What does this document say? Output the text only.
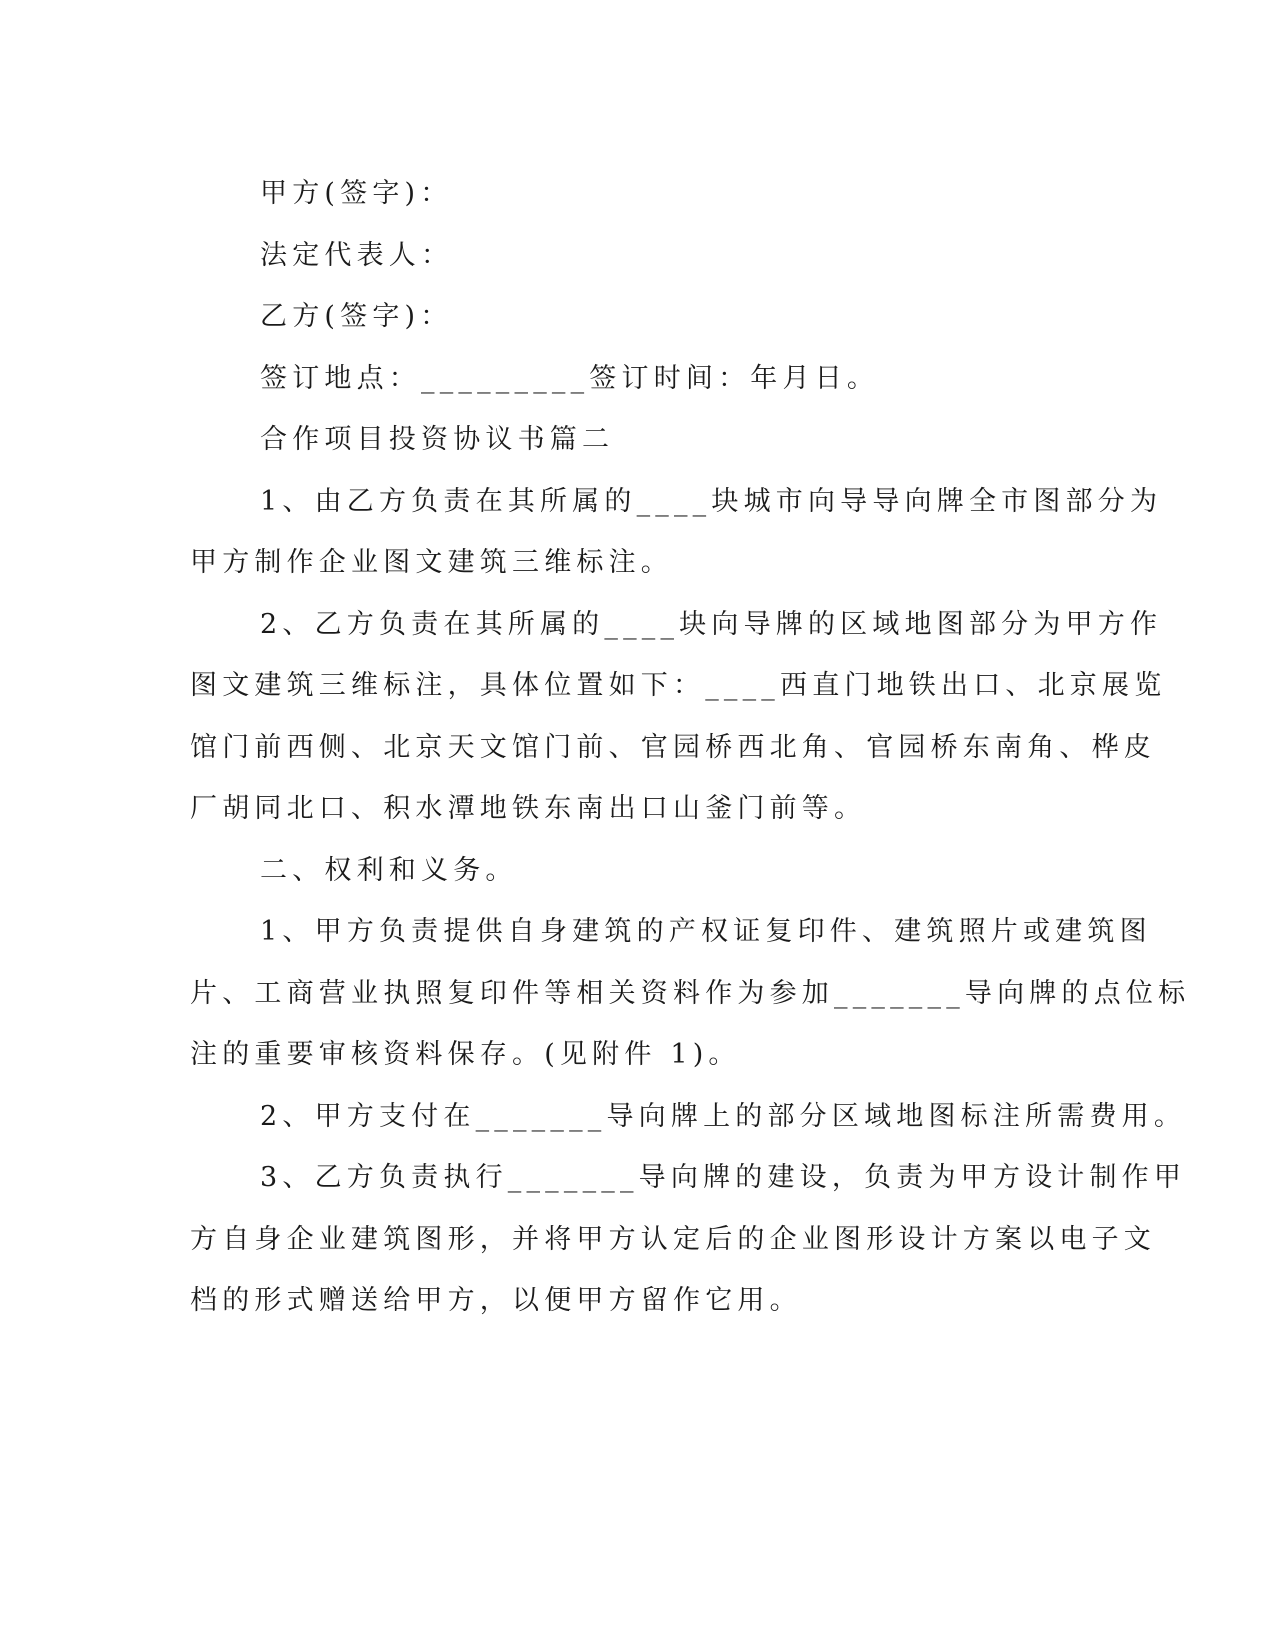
甲方(签字)：

法定代表人：

乙方(签字)：

签订地点：_________签订时间：年月日。

合作项目投资协议书篇二

1、由乙方负责在其所属的____块城市向导导向牌全市图部分为

甲方制作企业图文建筑三维标注。

2、乙方负责在其所属的____块向导牌的区域地图部分为甲方作

图文建筑三维标注，具体位置如下：____西直门地铁出口、北京展览

馆门前西侧、北京天文馆门前、官园桥西北角、官园桥东南角、桦皮

厂胡同北口、积水潭地铁东南出口山釜门前等。

二、权利和义务。

1、甲方负责提供自身建筑的产权证复印件、建筑照片或建筑图

片、工商营业执照复印件等相关资料作为参加_______导向牌的点位标

注的重要审核资料保存。(见附件 1)。

2、甲方支付在_______导向牌上的部分区域地图标注所需费用。

3、乙方负责执行_______导向牌的建设，负责为甲方设计制作甲

方自身企业建筑图形，并将甲方认定后的企业图形设计方案以电子文

档的形式赠送给甲方，以便甲方留作它用。
